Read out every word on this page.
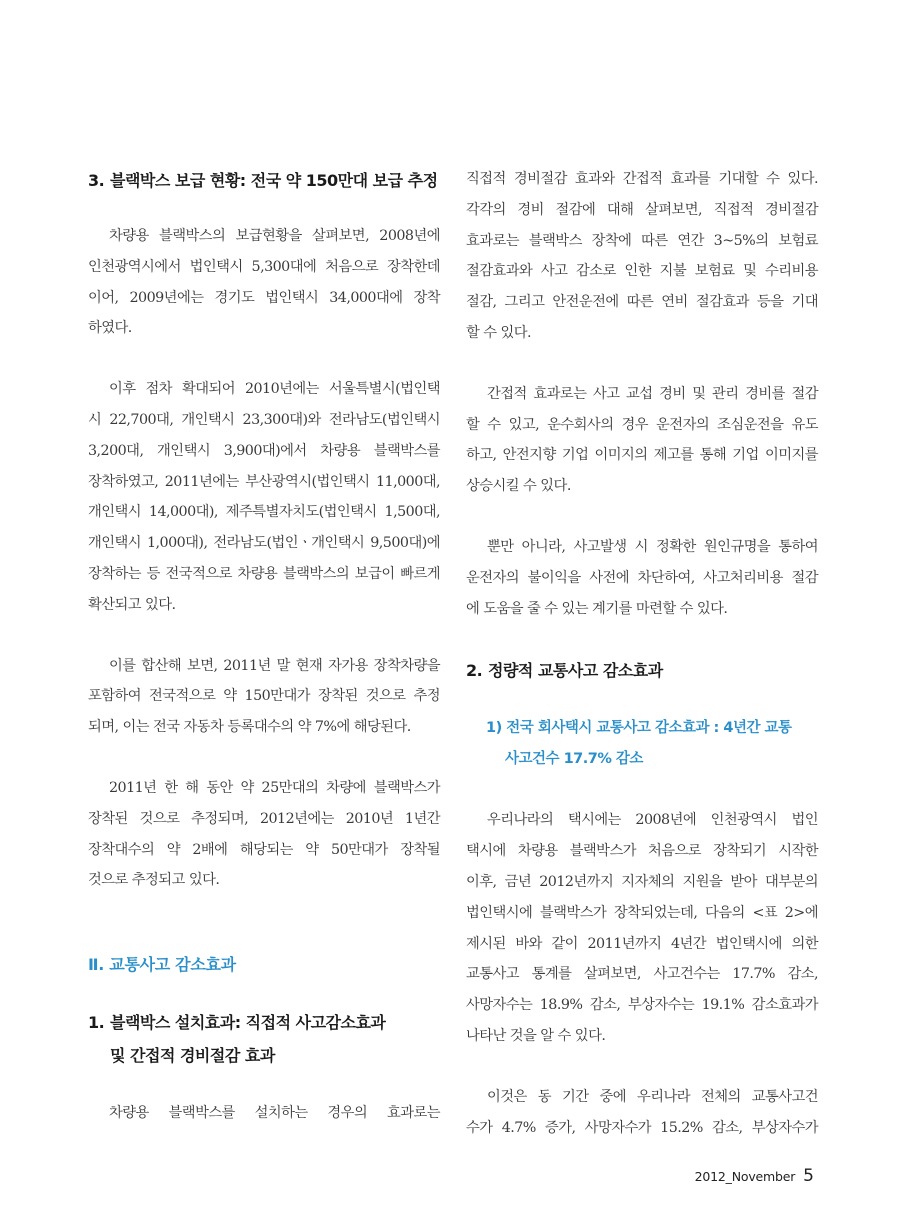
3. 블랙박스 보급 현황: 전국 약 150만대 보급 추정

차량용 블랙박스의 보급현황을 살펴보면, 2008년에
인천광역시에서 법인택시 5,300대에 처음으로 장착한데
이어, 2009년에는 경기도 법인택시 34,000대에 장착
하였다.

이후 점차 확대되어 2010년에는 서울특별시(법인택
시 22,700대, 개인택시 23,300대)와 전라남도(법인택시
3,200대, 개인택시 3,900대)에서 차량용 블랙박스를
장착하였고, 2011년에는 부산광역시(법인택시 11,000대,
개인택시 14,000대), 제주특별자치도(법인택시 1,500대,
개인택시 1,000대), 전라남도(법인ㆍ개인택시 9,500대)에
장착하는 등 전국적으로 차량용 블랙박스의 보급이 빠르게
확산되고 있다.

이를 합산해 보면, 2011년 말 현재 자가용 장착차량을
포함하여 전국적으로 약 150만대가 장착된 것으로 추정
되며, 이는 전국 자동차 등록대수의 약 7%에 해당된다.

2011년 한 해 동안 약 25만대의 차량에 블랙박스가
장착된 것으로 추정되며, 2012년에는 2010년 1년간
장착대수의 약 2배에 해당되는 약 50만대가 장착될
것으로 추정되고 있다.

Ⅱ. 교통사고 감소효과
1. 블랙박스 설치효과: 직접적 사고감소효과
및 간접적 경비절감 효과

차량용 블랙박스를 설치하는 경우의 효과로는

직접적 경비절감 효과와 간접적 효과를 기대할 수 있다.
각각의 경비 절감에 대해 살펴보면, 직접적 경비절감
효과로는 블랙박스 장착에 따른 연간 3~5%의 보험료
절감효과와 사고 감소로 인한 지불 보험료 및 수리비용
절감, 그리고 안전운전에 따른 연비 절감효과 등을 기대
할 수 있다.

간접적 효과로는 사고 교섭 경비 및 관리 경비를 절감
할 수 있고, 운수회사의 경우 운전자의 조심운전을 유도
하고, 안전지향 기업 이미지의 제고를 통해 기업 이미지를
상승시킬 수 있다.

뿐만 아니라, 사고발생 시 정확한 원인규명을 통하여
운전자의 불이익을 사전에 차단하여, 사고처리비용 절감
에 도움을 줄 수 있는 계기를 마련할 수 있다.

2. 정량적 교통사고 감소효과
1) 전국 회사택시 교통사고 감소효과 : 4년간 교통
사고건수 17.7% 감소

우리나라의 택시에는 2008년에 인천광역시 법인
택시에 차량용 블랙박스가 처음으로 장착되기 시작한
이후, 금년 2012년까지 지자체의 지원을 받아 대부분의
법인택시에 블랙박스가 장착되었는데, 다음의 <표 2>에
제시된 바와 같이 2011년까지 4년간 법인택시에 의한
교통사고 통계를 살펴보면, 사고건수는 17.7% 감소,
사망자수는 18.9% 감소, 부상자수는 19.1% 감소효과가
나타난 것을 알 수 있다.

이것은 동 기간 중에 우리나라 전체의 교통사고건
수가 4.7% 증가, 사망자수가 15.2% 감소, 부상자수가

2012_November 5
